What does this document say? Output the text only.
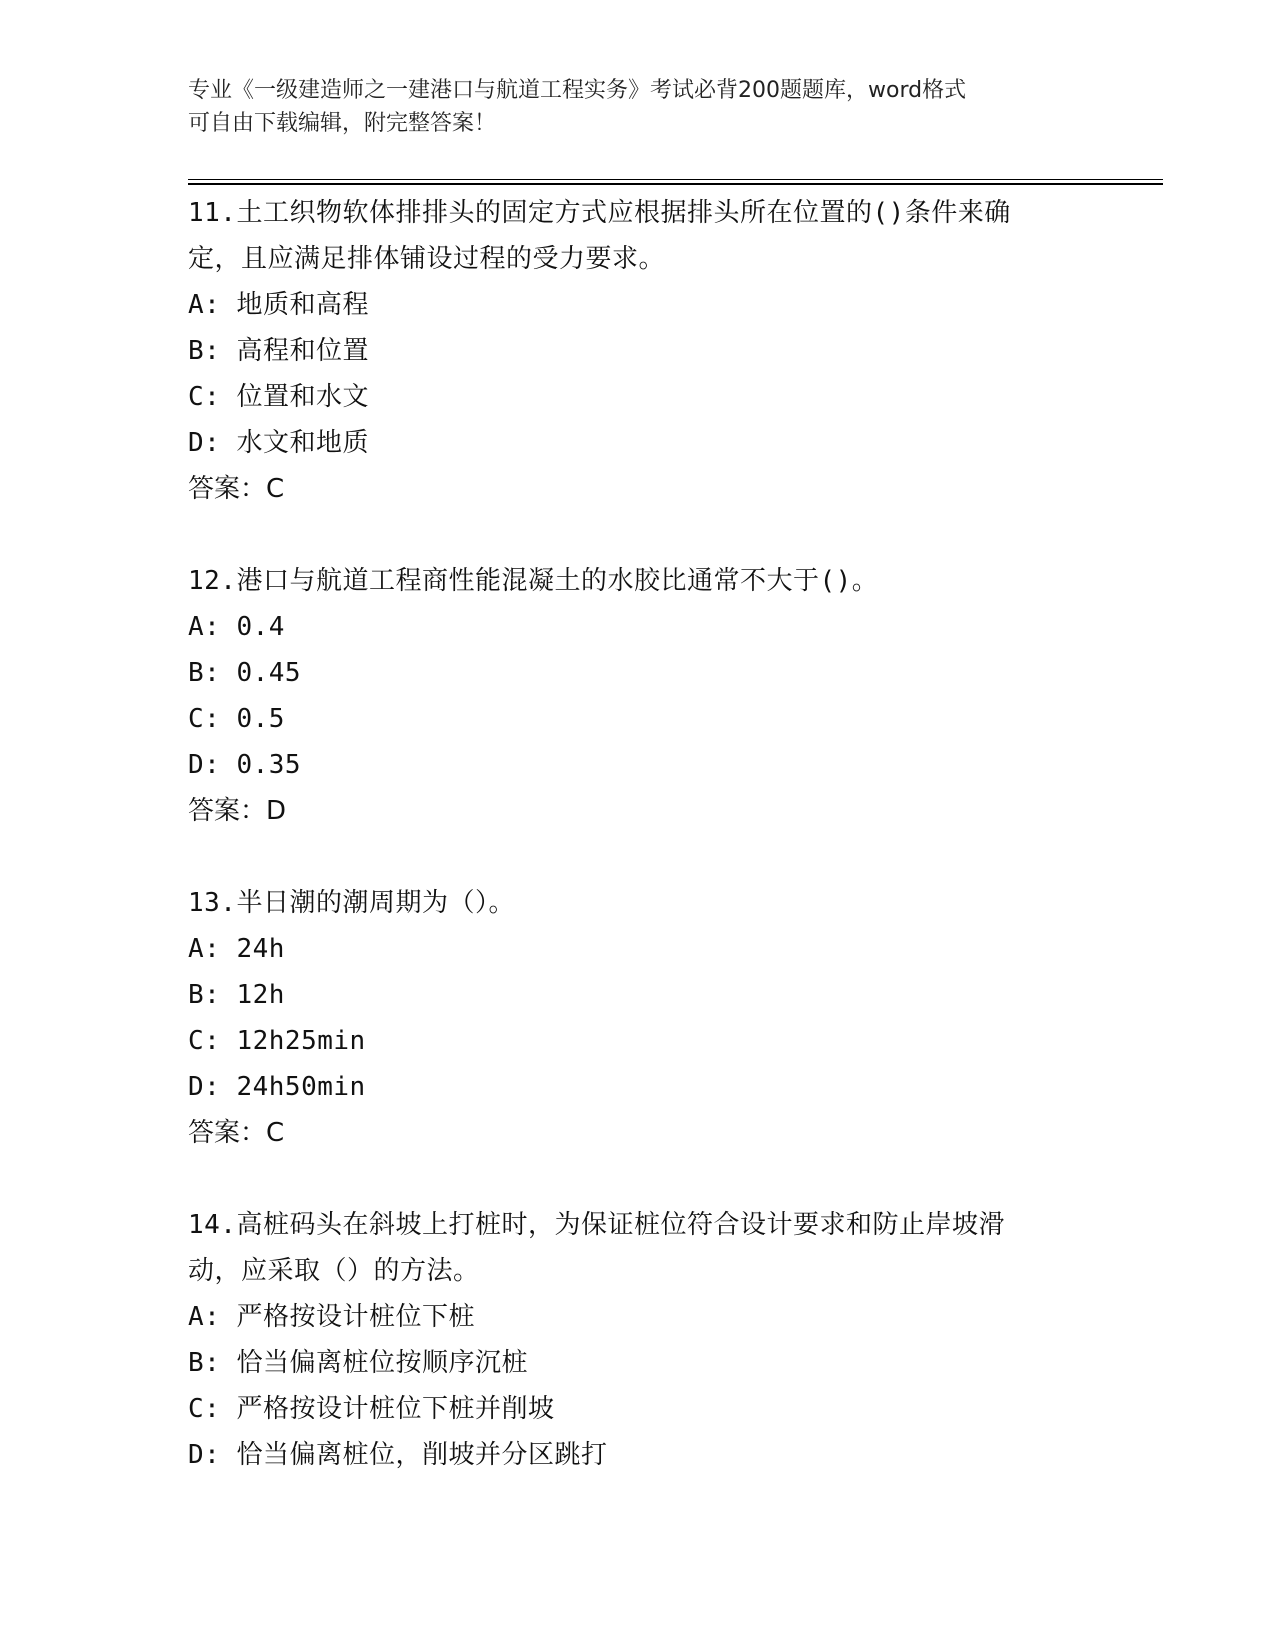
专业《一级建造师之一建港口与航道工程实务》考试必背200题题库，word格式
可自由下载编辑，附完整答案！
11.土工织物软体排排头的固定方式应根据排头所在位置的()条件来确
定，且应满足排体铺设过程的受力要求。
A: 地质和高程
B: 高程和位置
C: 位置和水文
D: 水文和地质
答案：C
12.港口与航道工程商性能混凝土的水胶比通常不大于()。
A: 0.4
B: 0.45
C: 0.5
D: 0.35
答案：D
13.半日潮的潮周期为（）。
A: 24h
B: 12h
C: 12h25min
D: 24h50min
答案：C
14.高桩码头在斜坡上打桩时，为保证桩位符合设计要求和防止岸坡滑
动，应采取（）的方法。
A: 严格按设计桩位下桩
B: 恰当偏离桩位按顺序沉桩
C: 严格按设计桩位下桩并削坡
D: 恰当偏离桩位，削坡并分区跳打
